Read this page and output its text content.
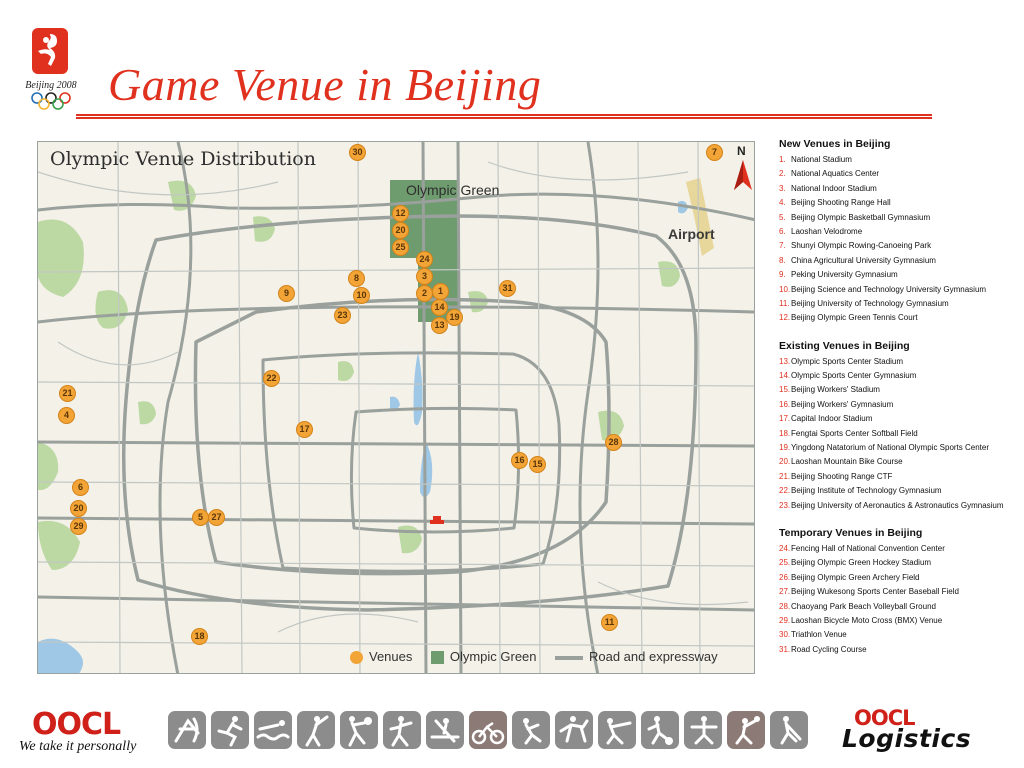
Beijing 2008 Game Venue in Beijing
Olympic Venue Distribution
Olympic Green
Airport
N
30	7
12
20
25
24
3
1
2
14
19
13
8
10
9
23
31
22
21
4
17
28
16 15
6
20
29
5 27
18
11
Venues	Olympic Green	Road and expressway
New Venues in Beijing
1. National Stadium
2. National Aquatics Center
3. National Indoor Stadium
4. Beijing Shooting Range Hall
5. Beijing Olympic Basketball Gymnasium
6. Laoshan Velodrome
7. Shunyi Olympic Rowing-Canoeing Park
8. China Agricultural University Gymnasium
9. Peking University Gymnasium
10.Beijing Science and Technology University Gymnasium
11.Beijing University of Technology Gymnasium
12.Beijing Olympic Green Tennis Court
Existing Venues in Beijing
13.Olympic Sports Center Stadium
14.Olympic Sports Center Gymnasium
15.Beijing Workers' Stadium
16.Beijing Workers' Gymnasium
17.Capital Indoor Stadium
18.Fengtai Sports Center Softball Field
19.Yingdong Natatorium of National Olympic Sports Center
20.Laoshan Mountain Bike Course
21.Beijing Shooting Range CTF
22.Beijing Institute of Technology Gymnasium
23.Beijing University of Aeronautics & Astronautics Gymnasium
Temporary Venues in Beijing
24.Fencing Hall of National Convention Center
25.Beijing Olympic Green Hockey Stadium
26.Beijing Olympic Green Archery Field
27.Beijing Wukesong Sports Center Baseball Field
28.Chaoyang Park Beach Volleyball Ground
29.Laoshan Bicycle Moto Cross (BMX) Venue
30.Triathlon Venue
31.Road Cycling Course
OOCL
We take it personally
OOCL
Logistics
